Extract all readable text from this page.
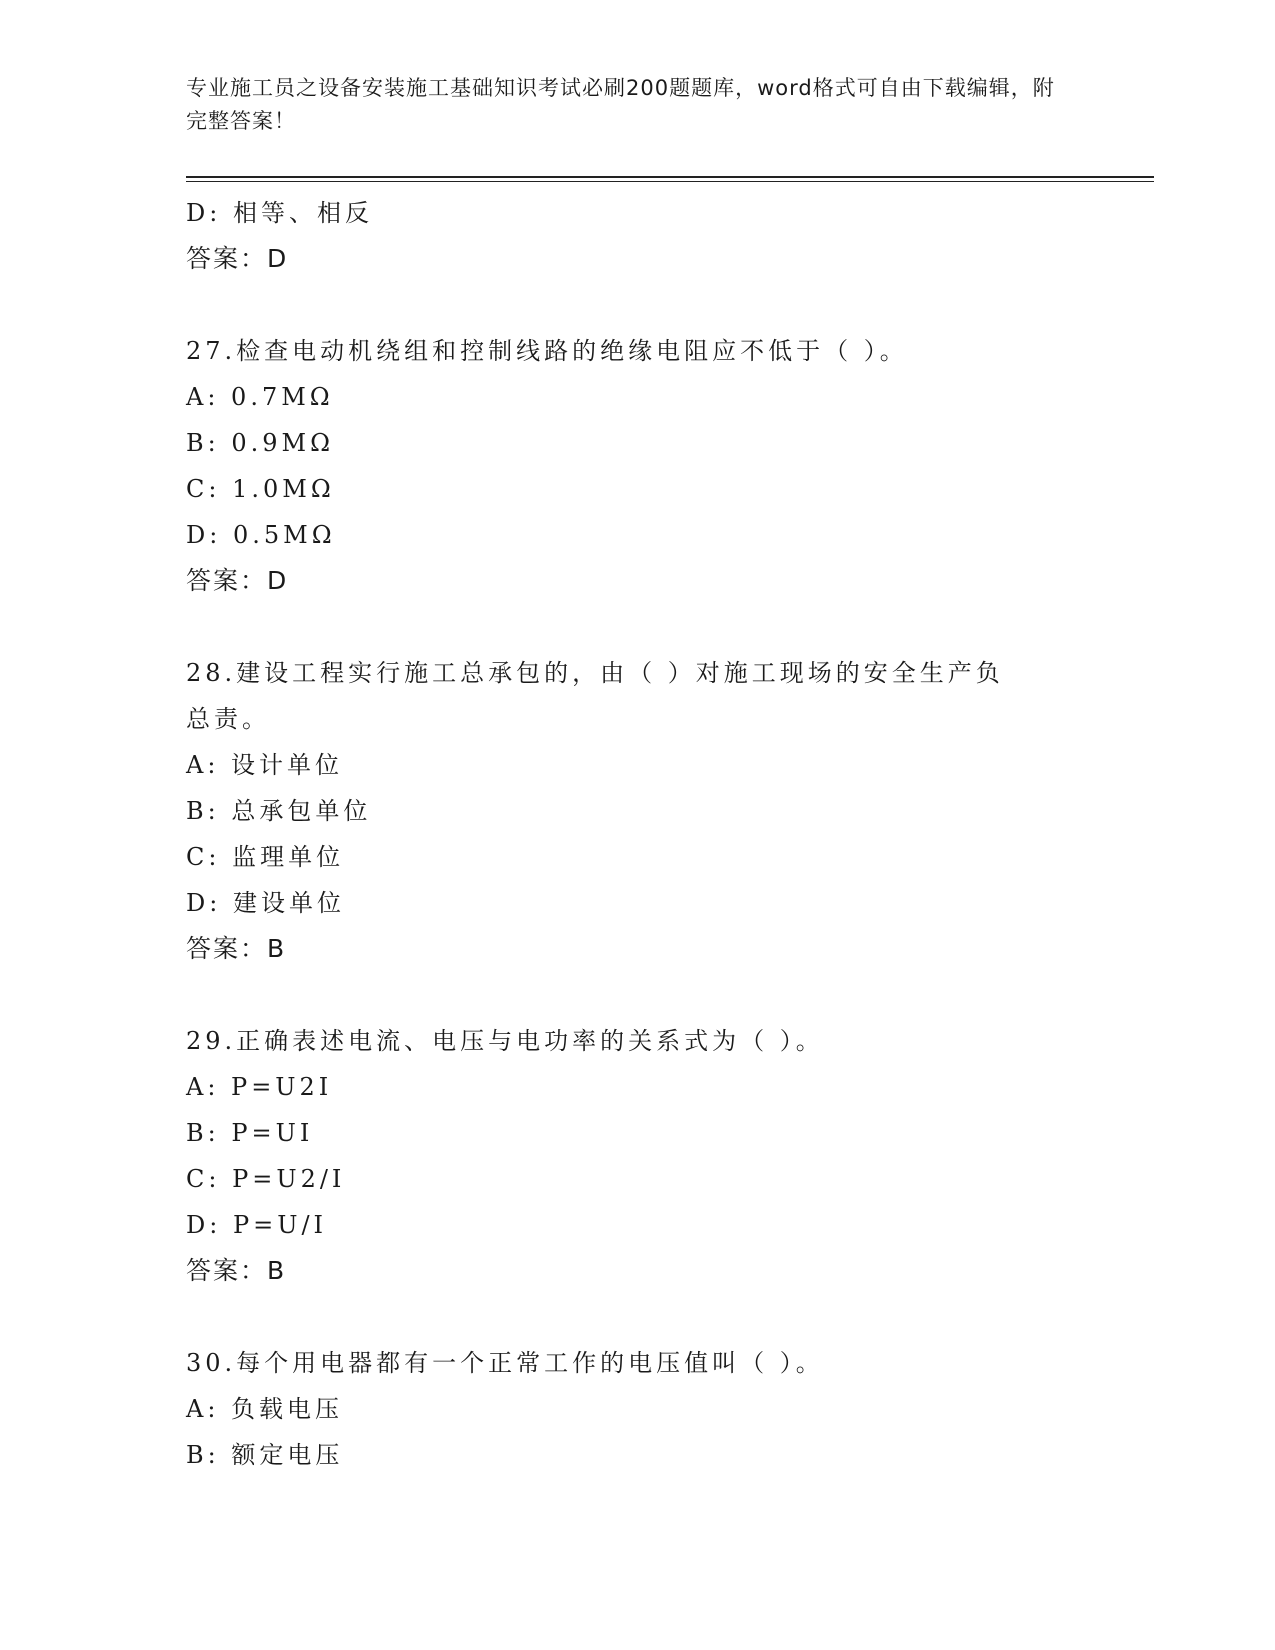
专业施工员之设备安装施工基础知识考试必刷200题题库，word格式可自由下载编辑，附完整答案！
D: 相等、相反
答案：D
27.检查电动机绕组和控制线路的绝缘电阻应不低于（ ）。
A: 0.7MΩ
B: 0.9MΩ
C: 1.0MΩ
D: 0.5MΩ
答案：D
28.建设工程实行施工总承包的，由（ ）对施工现场的安全生产负总责。
A: 设计单位
B: 总承包单位
C: 监理单位
D: 建设单位
答案：B
29.正确表述电流、电压与电功率的关系式为（ ）。
A: P=U2I
B: P=UI
C: P=U2/I
D: P=U/I
答案：B
30.每个用电器都有一个正常工作的电压值叫（ ）。
A: 负载电压
B: 额定电压
